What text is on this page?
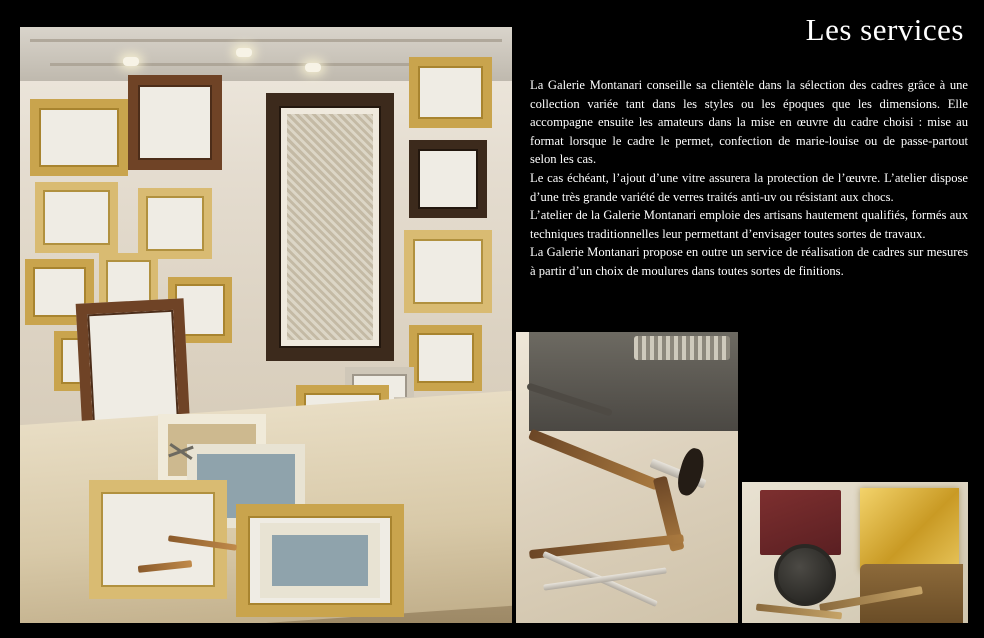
Les services

La Galerie Montanari conseille sa clientèle dans la sélection des cadres grâce à une collection variée tant dans les styles ou les époques que les dimensions. Elle accompagne ensuite les amateurs dans la mise en œuvre du cadre choisi : mise au format lorsque le cadre le permet, confection de marie-louise ou de passe-partout selon les cas.

Le cas échéant, l’ajout d’une vitre assurera la protection de l’œuvre. L’atelier dispose d’une très grande variété de verres traités anti-uv ou résistant aux chocs.

L’atelier de la Galerie Montanari emploie des artisans hautement qualifiés, formés aux techniques traditionnelles leur permettant d’envisager toutes sortes de travaux.

La Galerie Montanari propose en outre un service de réalisation de cadres sur mesures à partir d’un choix de moulures dans toutes sortes de finitions.
